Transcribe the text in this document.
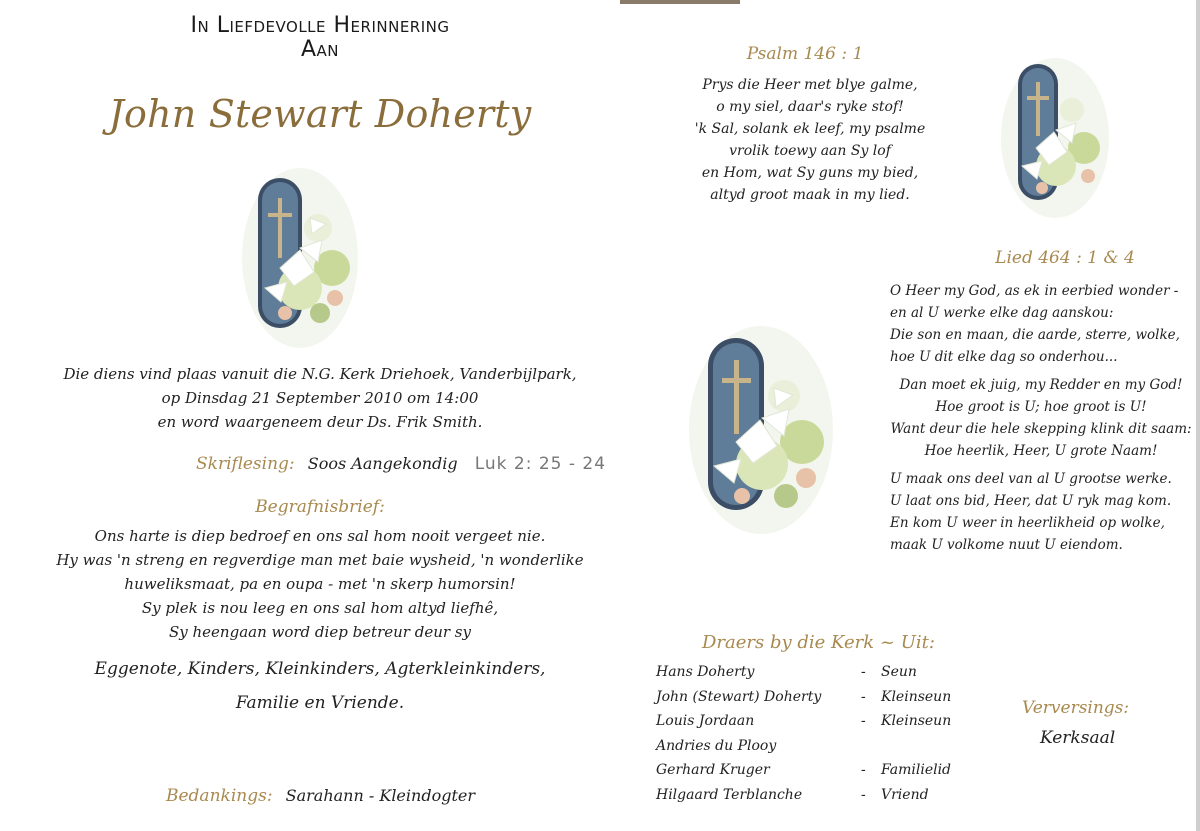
In Liefdevolle Herinnering
Aan
John Stewart Doherty
Die diens vind plaas vanuit die N.G. Kerk Driehoek, Vanderbijlpark,
op Dinsdag 21 September 2010 om 14:00
en word waargeneem deur Ds. Frik Smith.
Skriflesing: Soos Aangekondig Luk 2: 25 - 24
Begrafnisbrief:
Ons harte is diep bedroef en ons sal hom nooit vergeet nie.
Hy was 'n streng en regverdige man met baie wysheid, 'n wonderlike
huweliksmaat, pa en oupa - met 'n skerp humorsin!
Sy plek is nou leeg en ons sal hom altyd liefhê,
Sy heengaan word diep betreur deur sy
Eggenote, Kinders, Kleinkinders, Agterkleinkinders,
Familie en Vriende.
Bedankings: Sarahann - Kleindogter
Psalm 146 : 1
Prys die Heer met blye galme,
o my siel, daar's ryke stof!
'k Sal, solank ek leef, my psalme
vrolik toewy aan Sy lof
en Hom, wat Sy guns my bied,
altyd groot maak in my lied.
Lied 464 : 1 & 4
O Heer my God, as ek in eerbied wonder -
en al U werke elke dag aanskou:
Die son en maan, die aarde, sterre, wolke,
hoe U dit elke dag so onderhou...
Dan moet ek juig, my Redder en my God!
Hoe groot is U; hoe groot is U!
Want deur die hele skepping klink dit saam:
Hoe heerlik, Heer, U grote Naam!
U maak ons deel van al U grootse werke.
U laat ons bid, Heer, dat U ryk mag kom.
En kom U weer in heerlikheid op wolke,
maak U volkome nuut U eiendom.
Draers by die Kerk ~ Uit:
Hans Doherty	- Seun
John (Stewart) Doherty	- Kleinseun
Louis Jordaan	- Kleinseun
Andries du Plooy
Gerhard Kruger	- Familielid
Hilgaard Terblanche	- Vriend
Verversings:
Kerksaal
